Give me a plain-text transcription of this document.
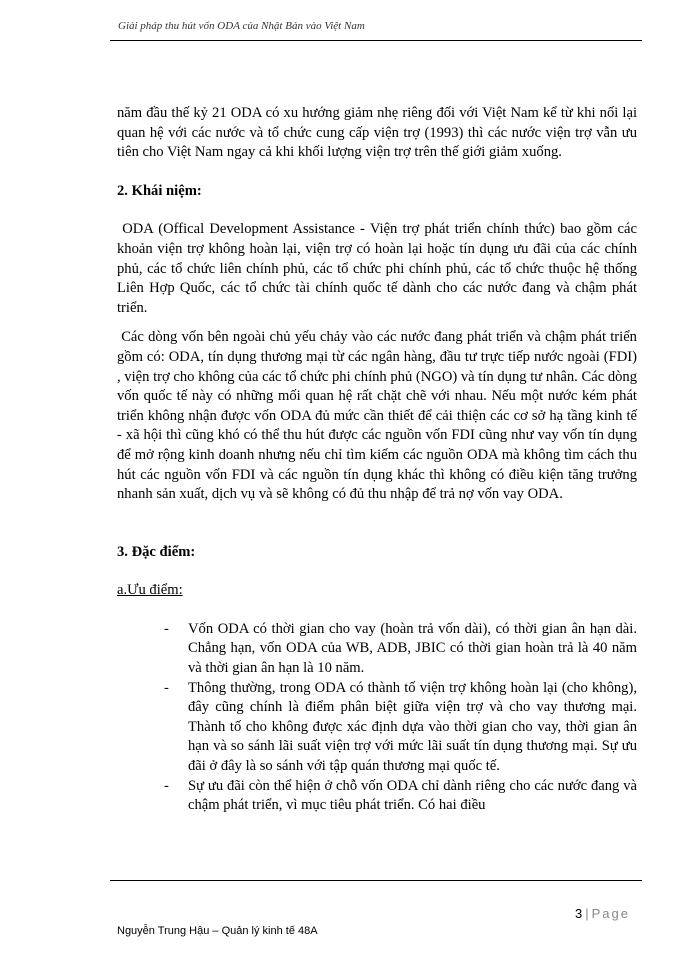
Giải pháp thu hút vốn ODA của Nhật Bản vào Việt Nam

năm đầu thế kỷ 21 ODA có xu hướng giảm nhẹ riêng đối với Việt Nam kể từ khi nối lại quan hệ với các nước và tổ chức cung cấp viện trợ (1993) thì các nước viện trợ vẫn ưu tiên cho Việt Nam ngay cả khi khối lượng viện trợ trên thế giới giảm xuống.

2. Khái niệm:

ODA (Offical Development Assistance - Viện trợ phát triển chính thức) bao gồm các khoản viện trợ không hoàn lại, viện trợ có hoàn lại hoặc tín dụng ưu đãi của các chính phủ, các tổ chức liên chính phủ, các tổ chức phi chính phủ, các tổ chức thuộc hệ thống Liên Hợp Quốc, các tổ chức tài chính quốc tế dành cho các nước đang và chậm phát triển.

Các dòng vốn bên ngoài chủ yếu chảy vào các nước đang phát triển và chậm phát triển gồm có: ODA, tín dụng thương mại từ các ngân hàng, đầu tư trực tiếp nước ngoài (FDI) , viện trợ cho không của các tổ chức phi chính phủ (NGO) và tín dụng tư nhân. Các dòng vốn quốc tế này có những mối quan hệ rất chặt chẽ với nhau. Nếu một nước kém phát triển không nhận được vốn ODA đủ mức cần thiết để cải thiện các cơ sở hạ tầng kinh tế - xã hội thì cũng khó có thể thu hút được các nguồn vốn FDI cũng như vay vốn tín dụng để mở rộng kinh doanh nhưng nếu chỉ tìm kiếm các nguồn ODA mà không tìm cách thu hút các nguồn vốn FDI và các nguồn tín dụng khác thì không có điều kiện tăng trưởng nhanh sản xuất, dịch vụ và sẽ không có đủ thu nhập để trả nợ vốn vay ODA.

3. Đặc điểm:

a.Ưu điểm:

- Vốn ODA có thời gian cho vay (hoàn trả vốn dài), có thời gian ân hạn dài. Chẳng hạn, vốn ODA của WB, ADB, JBIC có thời gian hoàn trả là 40 năm và thời gian ân hạn là 10 năm.
- Thông thường, trong ODA có thành tố viện trợ không hoàn lại (cho không), đây cũng chính là điểm phân biệt giữa viện trợ và cho vay thương mại. Thành tố cho không được xác định dựa vào thời gian cho vay, thời gian ân hạn và so sánh lãi suất viện trợ với mức lãi suất tín dụng thương mại. Sự ưu đãi ở đây là so sánh với tập quán thương mại quốc tế.
- Sự ưu đãi còn thể hiện ở chỗ vốn ODA chỉ dành riêng cho các nước đang và chậm phát triển, vì mục tiêu phát triển. Có hai điều
3 | Page
Nguyễn Trung Hậu – Quản lý kinh tế 48A
